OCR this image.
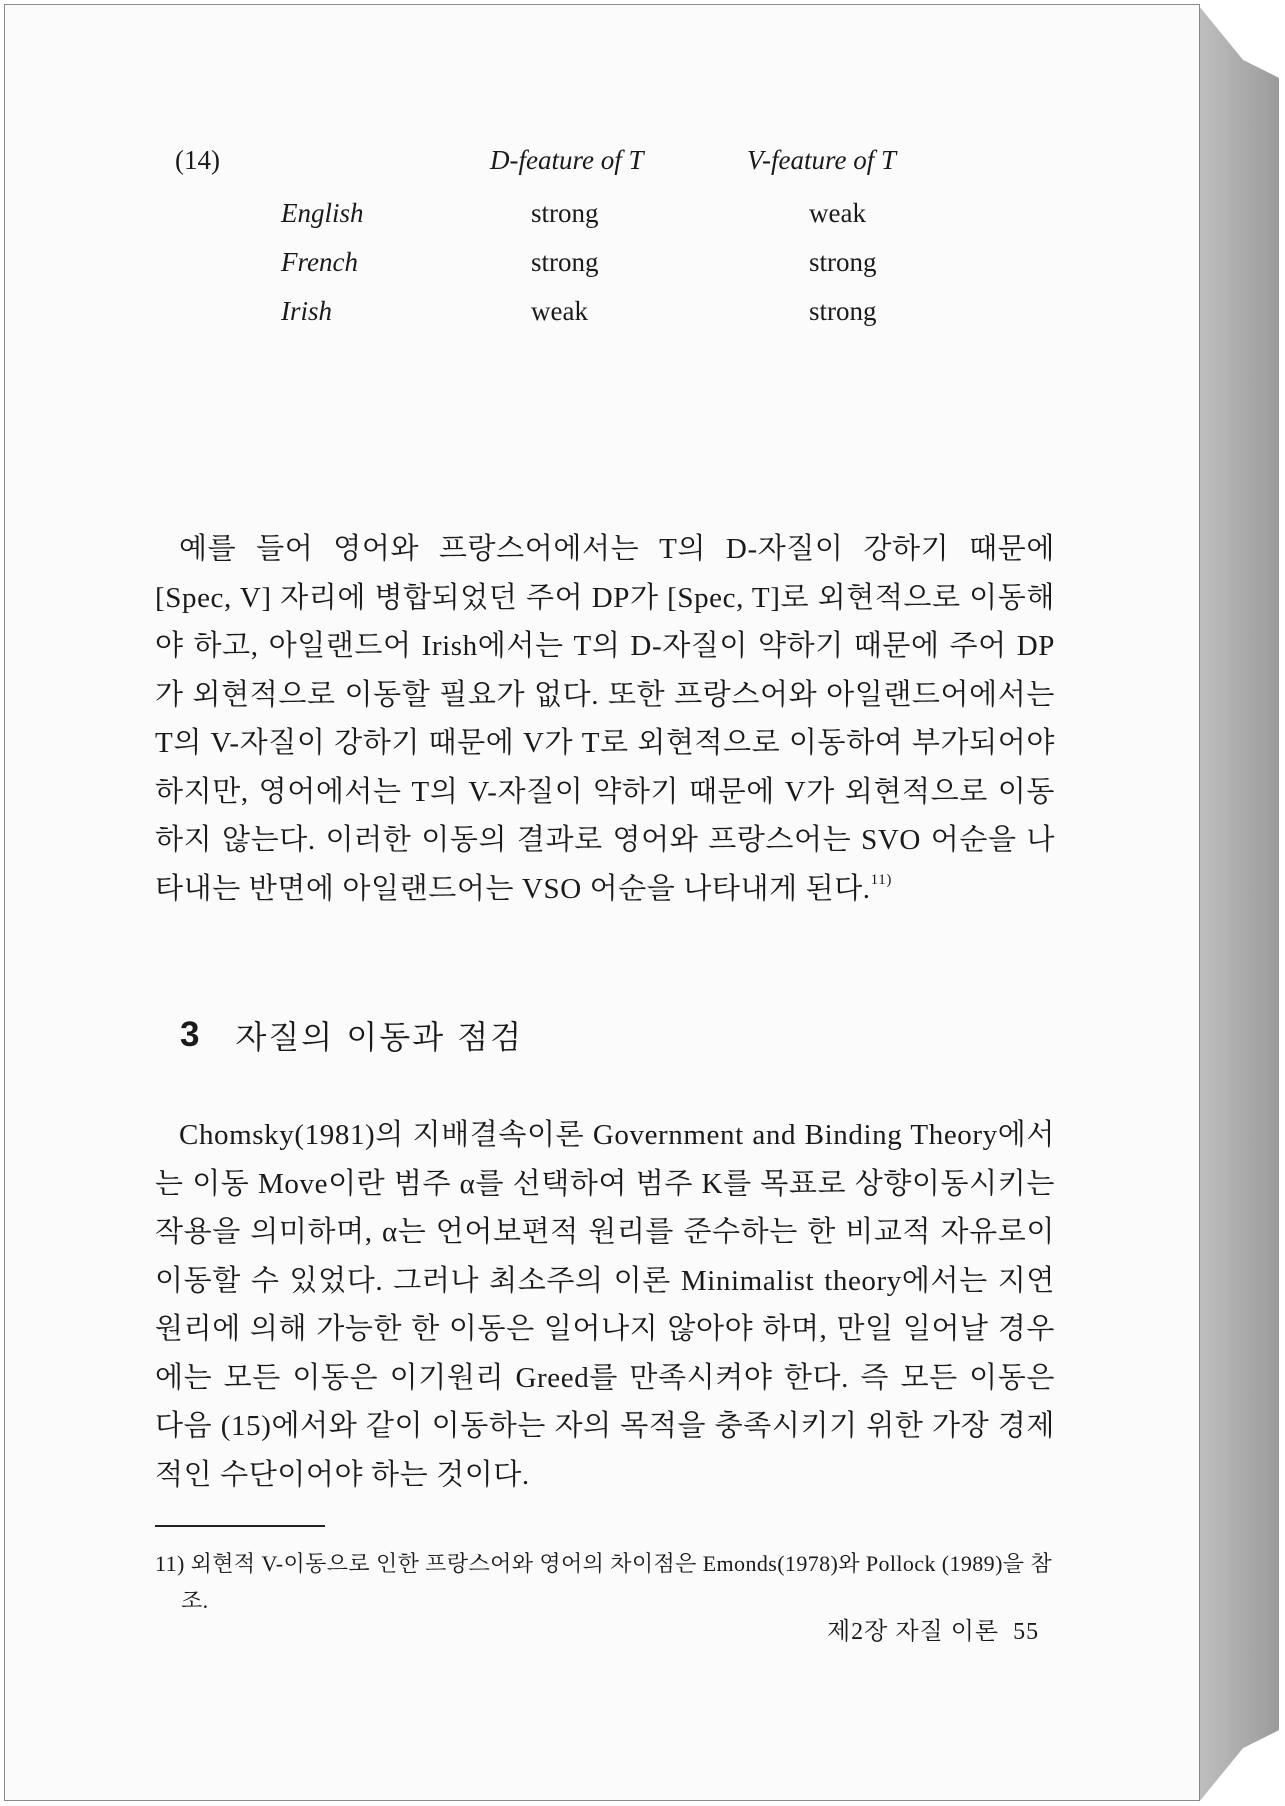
(14)	D-feature of T	V-feature of T
English	strong	weak
French	strong	strong
Irish	weak	strong

예를 들어 영어와 프랑스어에서는 T의 D-자질이 강하기 때문에 [Spec, V] 자리에 병합되었던 주어 DP가 [Spec, T]로 외현적으로 이동해야 하고, 아일랜드어 Irish에서는 T의 D-자질이 약하기 때문에 주어 DP가 외현적으로 이동할 필요가 없다. 또한 프랑스어와 아일랜드어에서는 T의 V-자질이 강하기 때문에 V가 T로 외현적으로 이동하여 부가되어야 하지만, 영어에서는 T의 V-자질이 약하기 때문에 V가 외현적으로 이동하지 않는다. 이러한 이동의 결과로 영어와 프랑스어는 SVO 어순을 나타내는 반면에 아일랜드어는 VSO 어순을 나타내게 된다.$^{11)}$

3 자질의 이동과 점검

Chomsky(1981)의 지배결속이론 Government and Binding Theory에서는 이동 Move이란 범주 α를 선택하여 범주 K를 목표로 상향이동시키는 작용을 의미하며, α는 언어보편적 원리를 준수하는 한 비교적 자유로이 이동할 수 있었다. 그러나 최소주의 이론 Minimalist theory에서는 지연원리에 의해 가능한 한 이동은 일어나지 않아야 하며, 만일 일어날 경우에는 모든 이동은 이기원리 Greed를 만족시켜야 한다. 즉 모든 이동은 다음 (15)에서와 같이 이동하는 자의 목적을 충족시키기 위한 가장 경제적인 수단이어야 하는 것이다.

11) 외현적 V-이동으로 인한 프랑스어와 영어의 차이점은 Emonds(1978)와 Pollock (1989)을 참조.
제2장 자질 이론 55
